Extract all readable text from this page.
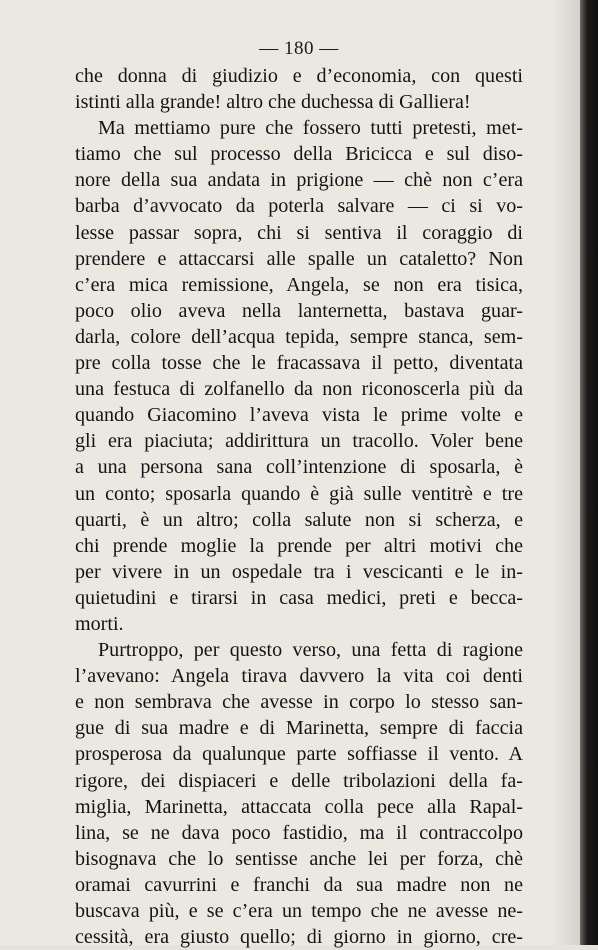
— 180 —
che donna di giudizio e d’economia, con questi
istinti alla grande! altro che duchessa di Galliera!
Ma mettiamo pure che fossero tutti pretesti, met-
tiamo che sul processo della Bricicca e sul diso-
nore della sua andata in prigione — chè non c’era
barba d’avvocato da poterla salvare — ci si vo-
lesse passar sopra, chi si sentiva il coraggio di
prendere e attaccarsi alle spalle un cataletto? Non
c’era mica remissione, Angela, se non era tisica,
poco olio aveva nella lanternetta, bastava guar-
darla, colore dell’acqua tepida, sempre stanca, sem-
pre colla tosse che le fracassava il petto, diventata
una festuca di zolfanello da non riconoscerla più da
quando Giacomino l’aveva vista le prime volte e
gli era piaciuta; addirittura un tracollo. Voler bene
a una persona sana coll’intenzione di sposarla, è
un conto; sposarla quando è già sulle ventitrè e tre
quarti, è un altro; colla salute non si scherza, e
chi prende moglie la prende per altri motivi che
per vivere in un ospedale tra i vescicanti e le in-
quietudini e tirarsi in casa medici, preti e becca-
morti.
Purtroppo, per questo verso, una fetta di ragione
l’avevano: Angela tirava davvero la vita coi denti
e non sembrava che avesse in corpo lo stesso san-
gue di sua madre e di Marinetta, sempre di faccia
prosperosa da qualunque parte soffiasse il vento. A
rigore, dei dispiaceri e delle tribolazioni della fa-
miglia, Marinetta, attaccata colla pece alla Rapal-
lina, se ne dava poco fastidio, ma il contraccolpo
bisognava che lo sentisse anche lei per forza, chè
oramai cavurrini e franchi da sua madre non ne
buscava più, e se c’era un tempo che ne avesse ne-
cessità, era giusto quello; di giorno in giorno, cre-
